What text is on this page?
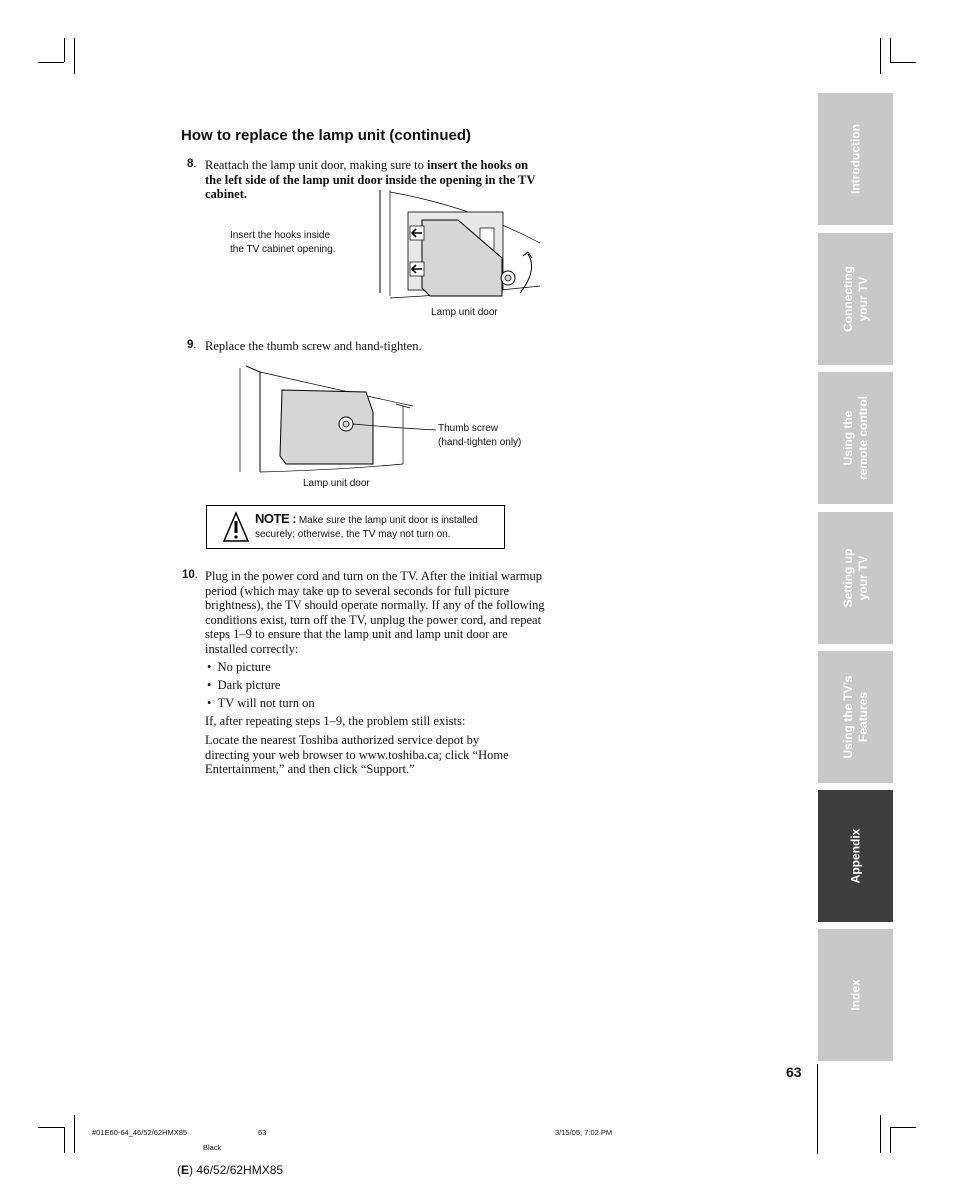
How to replace the lamp unit (continued)
8. Reattach the lamp unit door, making sure to insert the hooks on
the left side of the lamp unit door inside the opening in the TV
cabinet.
Insert the hooks inside
the TV cabinet opening.
Lamp unit door
9. Replace the thumb screw and hand-tighten.
Thumb screw
(hand-tighten only)
Lamp unit door
NOTE : Make sure the lamp unit door is installed
securely; otherwise, the TV may not turn on.
10. Plug in the power cord and turn on the TV. After the initial warmup
period (which may take up to several seconds for full picture
brightness), the TV should operate normally. If any of the following
conditions exist, turn off the TV, unplug the power cord, and repeat
steps 1–9 to ensure that the lamp unit and lamp unit door are
installed correctly:
•  No picture
•  Dark picture
•  TV will not turn on
If, after repeating steps 1–9, the problem still exists:
Locate the nearest Toshiba authorized service depot by
directing your web browser to www.toshiba.ca; click “Home
Entertainment,” and then click “Support.”
Introduction
Connecting
your TV
Using the
remote control
Setting up
your TV
Using the TV’s
Features
Appendix
Index
63
#01E60-64_46/52/62HMX85	63	3/15/05, 7:02 PM
Black
(E) 46/52/62HMX85
